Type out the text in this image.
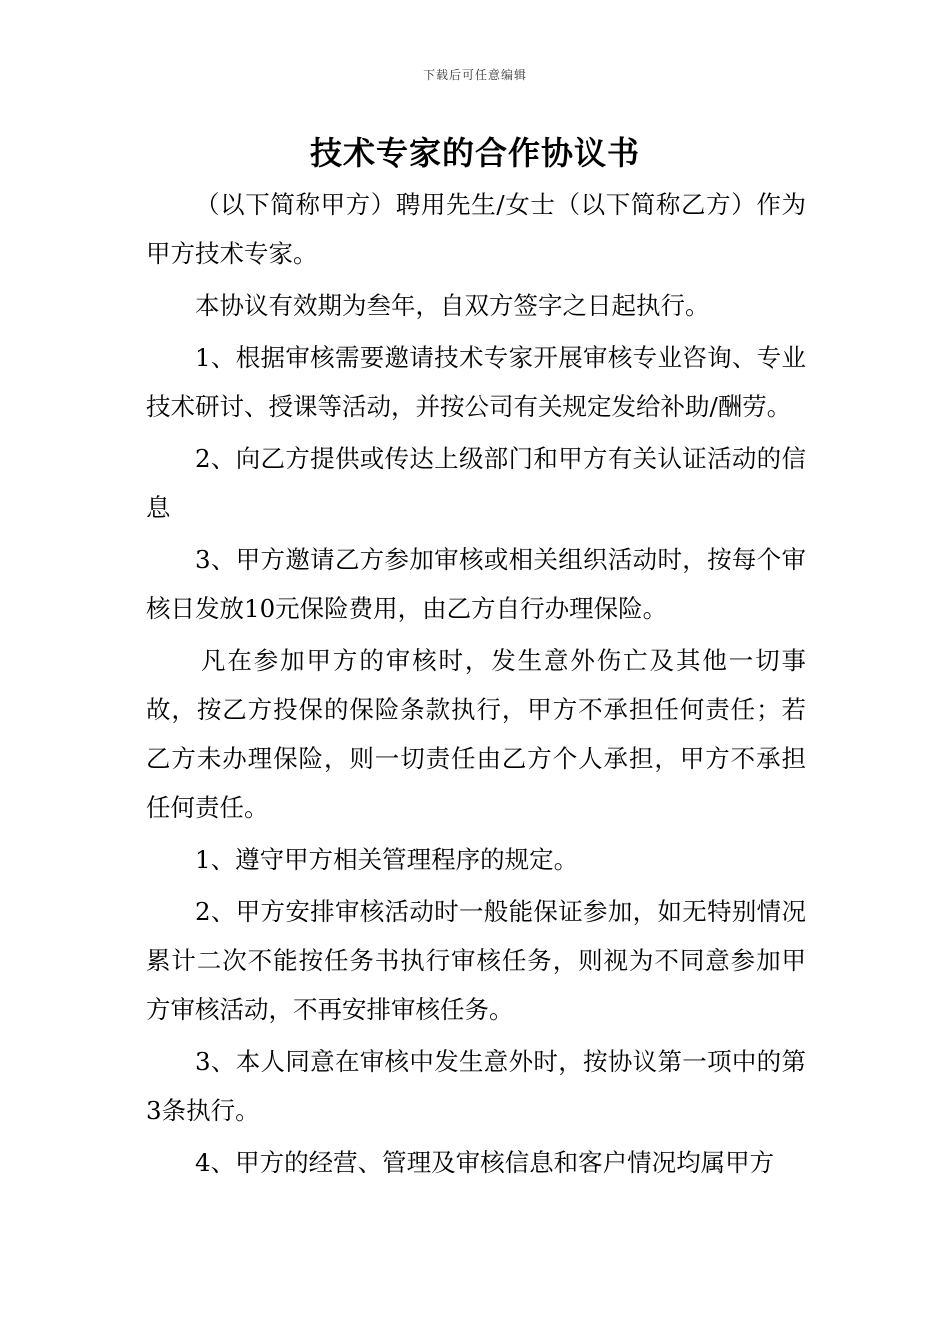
下载后可任意编辑
技术专家的合作协议书

（以下简称甲方）聘用先生/女士（以下简称乙方）作为甲方技术专家。

本协议有效期为叁年，自双方签字之日起执行。

1、根据审核需要邀请技术专家开展审核专业咨询、专业技术研讨、授课等活动，并按公司有关规定发给补助/酬劳。

2、向乙方提供或传达上级部门和甲方有关认证活动的信息

3、甲方邀请乙方参加审核或相关组织活动时，按每个审核日发放10元保险费用，由乙方自行办理保险。

凡在参加甲方的审核时，发生意外伤亡及其他一切事故，按乙方投保的保险条款执行，甲方不承担任何责任；若乙方未办理保险，则一切责任由乙方个人承担，甲方不承担任何责任。

1、遵守甲方相关管理程序的规定。

2、甲方安排审核活动时一般能保证参加，如无特别情况累计二次不能按任务书执行审核任务，则视为不同意参加甲方审核活动，不再安排审核任务。

3、本人同意在审核中发生意外时，按协议第一项中的第3条执行。

4、甲方的经营、管理及审核信息和客户情况均属甲方
